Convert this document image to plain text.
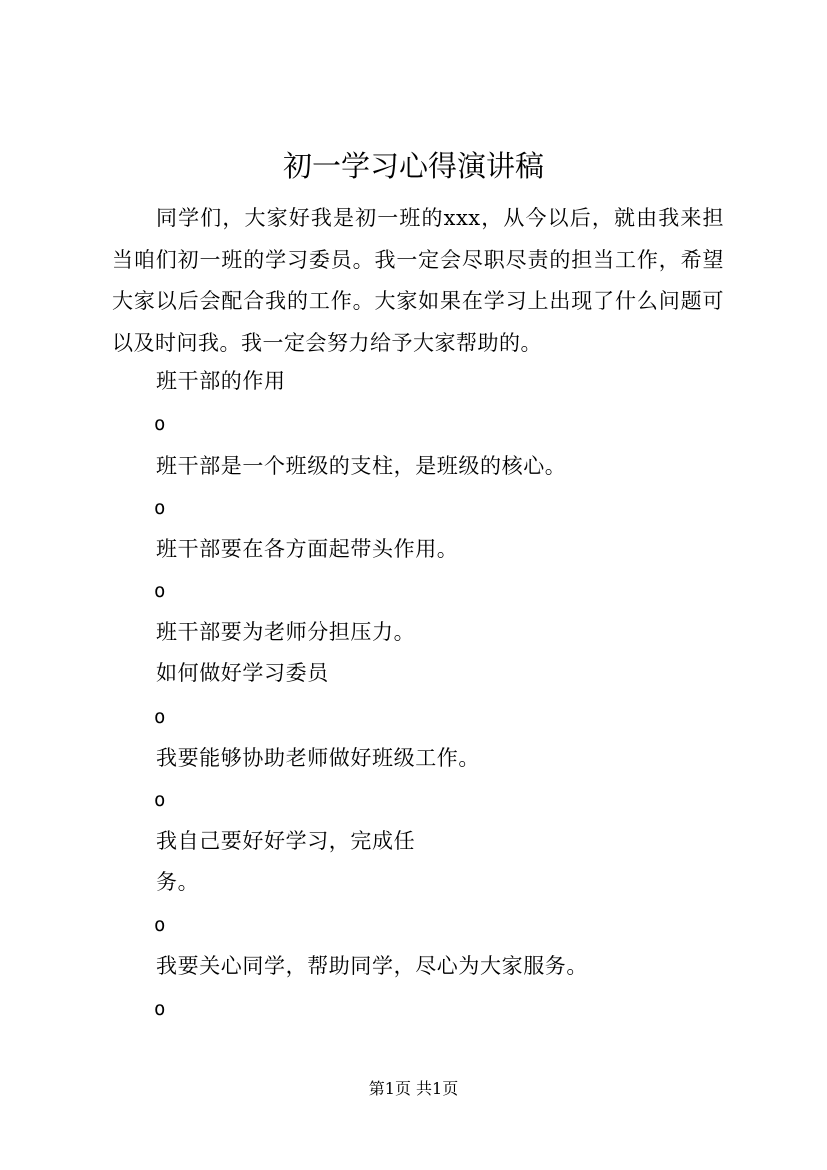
初一学习心得演讲稿
同学们，大家好我是初一班的xxx，从今以后，就由我来担当咱们初一班的学习委员。我一定会尽职尽责的担当工作，希望大家以后会配合我的工作。大家如果在学习上出现了什么问题可以及时问我。我一定会努力给予大家帮助的。
班干部的作用
o
班干部是一个班级的支柱，是班级的核心。
o
班干部要在各方面起带头作用。
o
班干部要为老师分担压力。
如何做好学习委员
o
我要能够协助老师做好班级工作。
o
我自己要好好学习，完成任
务。
o
我要关心同学，帮助同学，尽心为大家服务。
o
第1页 共1页
